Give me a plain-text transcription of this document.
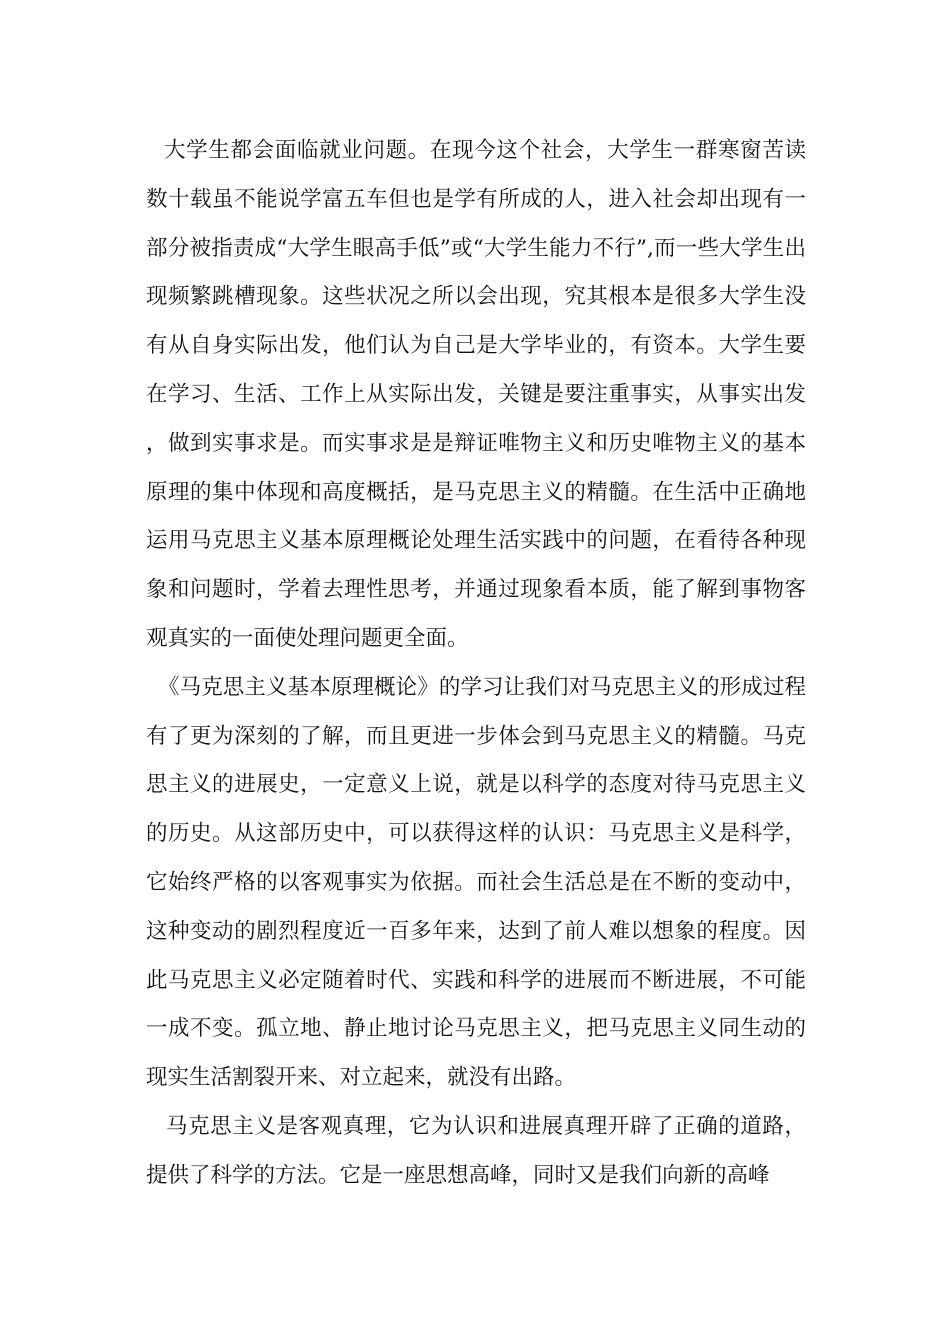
大学生都会面临就业问题。在现今这个社会，大学生一群寒窗苦读数十载虽不能说学富五车但也是学有所成的人，进入社会却出现有一部分被指责成“大学生眼高手低”或“大学生能力不行”,而一些大学生出现频繁跳槽现象。这些状况之所以会出现，究其根本是很多大学生没有从自身实际出发，他们认为自己是大学毕业的，有资本。大学生要在学习、生活、工作上从实际出发，关键是要注重事实，从事实出发，做到实事求是。而实事求是是辩证唯物主义和历史唯物主义的基本原理的集中体现和高度概括，是马克思主义的精髓。在生活中正确地运用马克思主义基本原理概论处理生活实践中的问题，在看待各种现象和问题时，学着去理性思考，并通过现象看本质，能了解到事物客观真实的一面使处理问题更全面。

《马克思主义基本原理概论》的学习让我们对马克思主义的形成过程有了更为深刻的了解，而且更进一步体会到马克思主义的精髓。马克思主义的进展史，一定意义上说，就是以科学的态度对待马克思主义的历史。从这部历史中，可以获得这样的认识：马克思主义是科学，它始终严格的以客观事实为依据。而社会生活总是在不断的变动中，这种变动的剧烈程度近一百多年来，达到了前人难以想象的程度。因此马克思主义必定随着时代、实践和科学的进展而不断进展，不可能一成不变。孤立地、静止地讨论马克思主义，把马克思主义同生动的现实生活割裂开来、对立起来，就没有出路。

马克思主义是客观真理，它为认识和进展真理开辟了正确的道路，提供了科学的方法。它是一座思想高峰，同时又是我们向新的高峰
